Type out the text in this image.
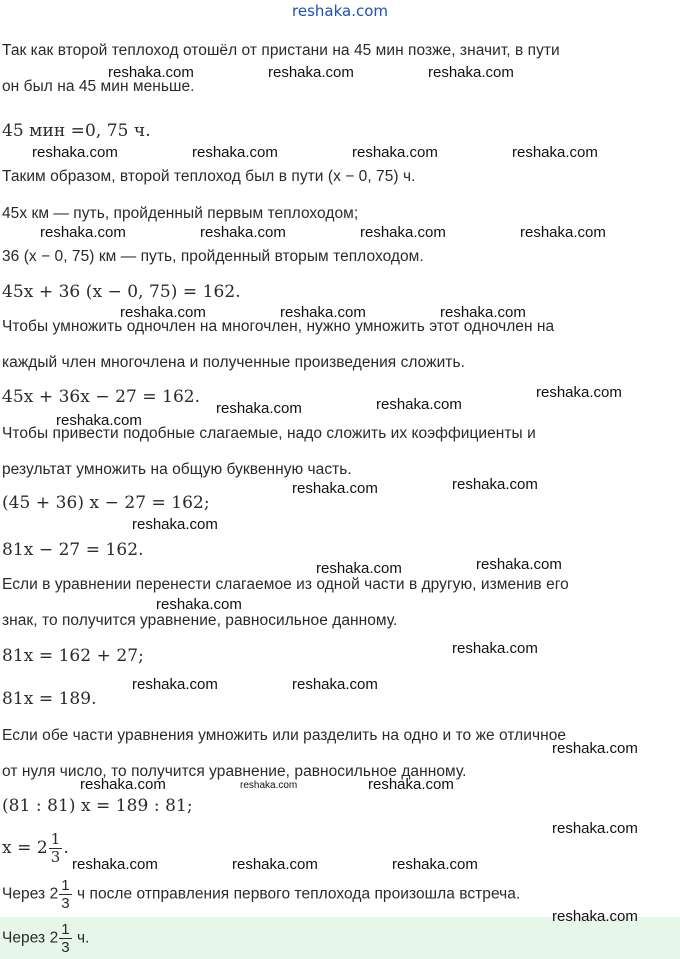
reshaka.com
Так как второй теплоход отошёл от пристани на 45 мин позже, значит, в пути
он был на 45 мин меньше.
45 мин =0, 75 ч.
Таким образом, второй теплоход был в пути (x − 0, 75) ч.
45x км — путь, пройденный первым теплоходом;
36 (x − 0, 75) км — путь, пройденный вторым теплоходом.
45x + 36 (x − 0, 75) = 162.
Чтобы умножить одночлен на многочлен, нужно умножить этот одночлен на
каждый член многочлена и полученные произведения сложить.
45x + 36x − 27 = 162.
Чтобы привести подобные слагаемые, надо сложить их коэффициенты и
результат умножить на общую буквенную часть.
(45 + 36) x − 27 = 162;
81x − 27 = 162.
Если в уравнении перенести слагаемое из одной части в другую, изменив его
знак, то получится уравнение, равносильное данному.
81x = 162 + 27;
81x = 189.
Если обе части уравнения умножить или разделить на одно и то же отличное
от нуля число, то получится уравнение, равносильное данному.
(81 : 81) x = 189 : 81;
$x = 2 \frac{1}{3}$ .
Через $2 \frac{1}{3}$ ч после отправления первого теплохода произошла встреча.
Через $2 \frac{1}{3} ч$.
reshaka.com	reshaka.com	reshaka.com
reshaka.com	reshaka.com	reshaka.com	reshaka.com
reshaka.com	reshaka.com	reshaka.com	reshaka.com
reshaka.com	reshaka.com	reshaka.com
reshaka.com
reshaka.com
reshaka.com
reshaka.com
reshaka.com
reshaka.com
reshaka.com
reshaka.com
reshaka.com
reshaka.com
reshaka.com
reshaka.com	reshaka.com
reshaka.com
reshaka.com	reshaka.com	reshaka.com
reshaka.com
reshaka.com	reshaka.com	reshaka.com
reshaka.com
